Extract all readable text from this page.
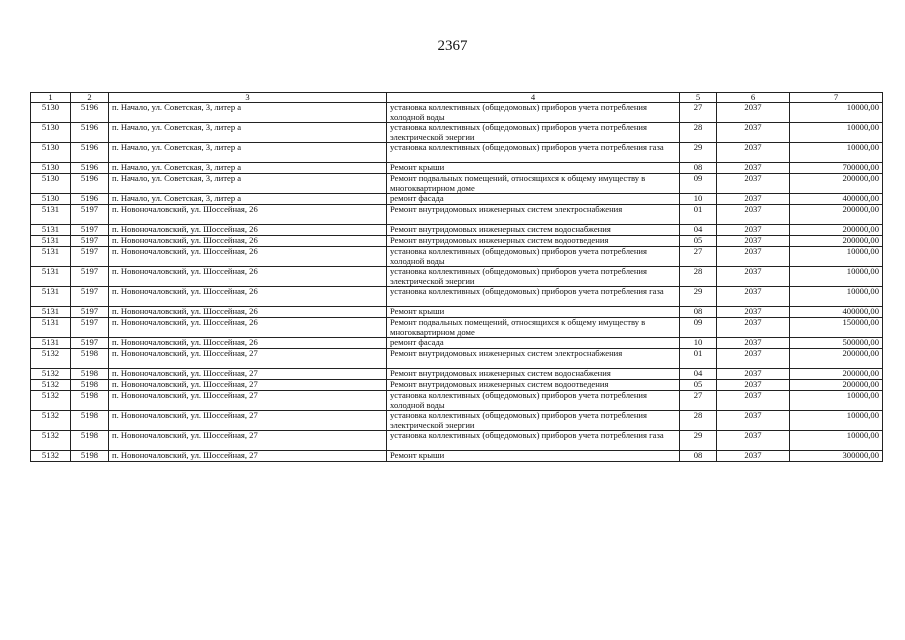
2367
1	2	3	4	5	6	7
5130	5196	п. Начало, ул. Советская, 3, литер а	установка коллективных (общедомовых) приборов учета потребления холодной воды	27	2037	10000,00
5130	5196	п. Начало, ул. Советская, 3, литер а	установка коллективных (общедомовых) приборов учета потребления электрической энергии	28	2037	10000,00
5130	5196	п. Начало, ул. Советская, 3, литер а	установка коллективных (общедомовых) приборов учета потребления газа	29	2037	10000,00
5130	5196	п. Начало, ул. Советская, 3, литер а	Ремонт крыши	08	2037	700000,00
5130	5196	п. Начало, ул. Советская, 3, литер а	Ремонт подвальных помещений, относящихся к общему имуществу в многоквартирном доме	09	2037	200000,00
5130	5196	п. Начало, ул. Советская, 3, литер а	ремонт фасада	10	2037	400000,00
5131	5197	п. Новоночаловский, ул. Шоссейная, 26	Ремонт внутридомовых инженерных систем электроснабжения	01	2037	200000,00
5131	5197	п. Новоночаловский, ул. Шоссейная, 26	Ремонт внутридомовых инженерных систем водоснабжения	04	2037	200000,00
5131	5197	п. Новоночаловский, ул. Шоссейная, 26	Ремонт внутридомовых инженерных систем водоотведения	05	2037	200000,00
5131	5197	п. Новоночаловский, ул. Шоссейная, 26	установка коллективных (общедомовых) приборов учета потребления холодной воды	27	2037	10000,00
5131	5197	п. Новоночаловский, ул. Шоссейная, 26	установка коллективных (общедомовых) приборов учета потребления электрической энергии	28	2037	10000,00
5131	5197	п. Новоночаловский, ул. Шоссейная, 26	установка коллективных (общедомовых) приборов учета потребления газа	29	2037	10000,00
5131	5197	п. Новоночаловский, ул. Шоссейная, 26	Ремонт крыши	08	2037	400000,00
5131	5197	п. Новоночаловский, ул. Шоссейная, 26	Ремонт подвальных помещений, относящихся к общему имуществу в многоквартирном доме	09	2037	150000,00
5131	5197	п. Новоночаловский, ул. Шоссейная, 26	ремонт фасада	10	2037	500000,00
5132	5198	п. Новоночаловский, ул. Шоссейная, 27	Ремонт внутридомовых инженерных систем электроснабжения	01	2037	200000,00
5132	5198	п. Новоночаловский, ул. Шоссейная, 27	Ремонт внутридомовых инженерных систем водоснабжения	04	2037	200000,00
5132	5198	п. Новоночаловский, ул. Шоссейная, 27	Ремонт внутридомовых инженерных систем водоотведения	05	2037	200000,00
5132	5198	п. Новоночаловский, ул. Шоссейная, 27	установка коллективных (общедомовых) приборов учета потребления холодной воды	27	2037	10000,00
5132	5198	п. Новоночаловский, ул. Шоссейная, 27	установка коллективных (общедомовых) приборов учета потребления электрической энергии	28	2037	10000,00
5132	5198	п. Новоночаловский, ул. Шоссейная, 27	установка коллективных (общедомовых) приборов учета потребления газа	29	2037	10000,00
5132	5198	п. Новоночаловский, ул. Шоссейная, 27	Ремонт крыши	08	2037	300000,00
